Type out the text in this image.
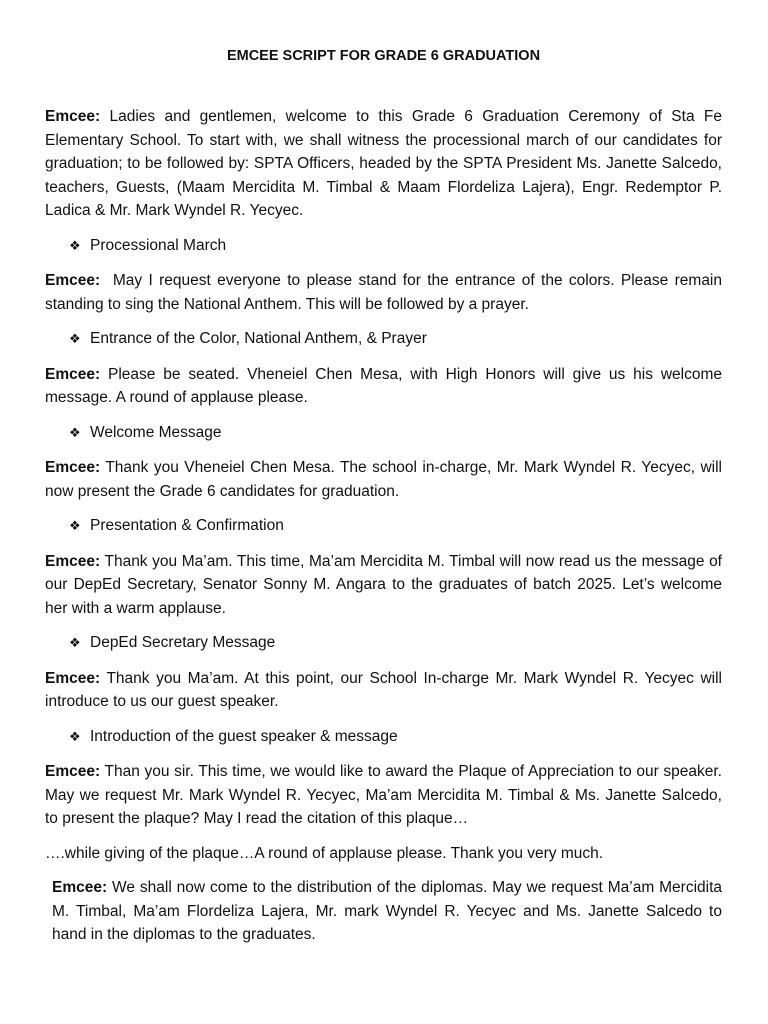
EMCEE SCRIPT FOR GRADE 6 GRADUATION
Emcee: Ladies and gentlemen, welcome to this Grade 6 Graduation Ceremony of Sta Fe Elementary School. To start with, we shall witness the processional march of our candidates for graduation; to be followed by: SPTA Officers, headed by the SPTA President Ms. Janette Salcedo, teachers, Guests, (Maam Mercidita M. Timbal & Maam Flordeliza Lajera), Engr. Redemptor P. Ladica & Mr. Mark Wyndel R. Yecyec.
❖ Processional March
Emcee:  May I request everyone to please stand for the entrance of the colors. Please remain standing to sing the National Anthem. This will be followed by a prayer.
❖ Entrance of the Color, National Anthem, & Prayer
Emcee: Please be seated. Vheneiel Chen Mesa, with High Honors will give us his welcome message. A round of applause please.
❖ Welcome Message
Emcee: Thank you Vheneiel Chen Mesa. The school in-charge, Mr. Mark Wyndel R. Yecyec, will now present the Grade 6 candidates for graduation.
❖ Presentation & Confirmation
Emcee: Thank you Ma’am. This time, Ma’am Mercidita M. Timbal will now read us the message of our DepEd Secretary, Senator Sonny M. Angara to the graduates of batch 2025. Let’s welcome her with a warm applause.
❖ DepEd Secretary Message
Emcee: Thank you Ma’am. At this point, our School In-charge Mr. Mark Wyndel R. Yecyec will introduce to us our guest speaker.
❖ Introduction of the guest speaker & message
Emcee: Than you sir. This time, we would like to award the Plaque of Appreciation to our speaker. May we request Mr. Mark Wyndel R. Yecyec, Ma’am Mercidita M. Timbal & Ms. Janette Salcedo, to present the plaque? May I read the citation of this plaque…
….while giving of the plaque…A round of applause please. Thank you very much.
Emcee: We shall now come to the distribution of the diplomas. May we request Ma’am Mercidita M. Timbal, Ma’am Flordeliza Lajera, Mr. mark Wyndel R. Yecyec and Ms. Janette Salcedo to hand in the diplomas to the graduates.
